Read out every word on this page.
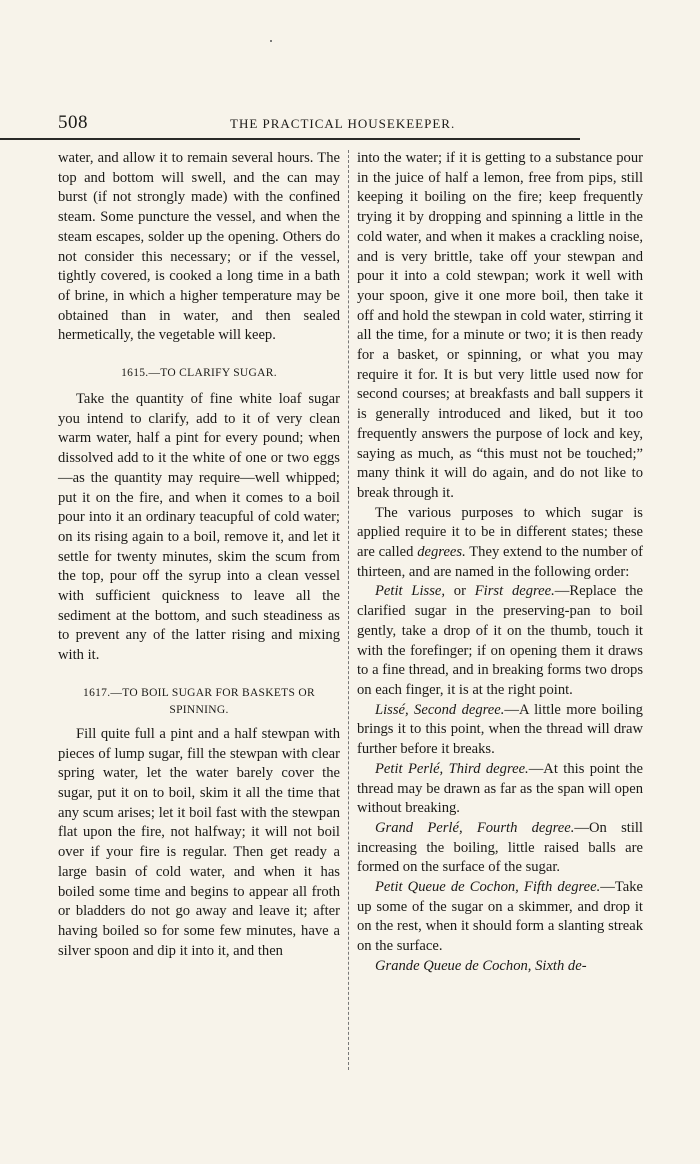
508	THE PRACTICAL HOUSEKEEPER.

water, and allow it to remain several hours. The top and bottom will swell, and the can may burst (if not strongly made) with the confined steam. Some puncture the vessel, and when the steam escapes, solder up the opening. Others do not consider this necessary; or if the vessel, tightly covered, is cooked a long time in a bath of brine, in which a higher temperature may be obtained than in water, and then sealed hermetically, the vegetable will keep.

1615.—TO CLARIFY SUGAR.

Take the quantity of fine white loaf sugar you intend to clarify, add to it of very clean warm water, half a pint for every pound; when dissolved add to it the white of one or two eggs—as the quantity may require—well whipped; put it on the fire, and when it comes to a boil pour into it an ordinary teacupful of cold water; on its rising again to a boil, remove it, and let it settle for twenty minutes, skim the scum from the top, pour off the syrup into a clean vessel with sufficient quickness to leave all the sediment at the bottom, and such steadiness as to prevent any of the latter rising and mixing with it.

1617.—TO BOIL SUGAR FOR BASKETS OR SPINNING.

Fill quite full a pint and a half stewpan with pieces of lump sugar, fill the stewpan with clear spring water, let the water barely cover the sugar, put it on to boil, skim it all the time that any scum arises; let it boil fast with the stewpan flat upon the fire, not halfway; it will not boil over if your fire is regular. Then get ready a large basin of cold water, and when it has boiled some time and begins to appear all froth or bladders do not go away and leave it; after having boiled so for some few minutes, have a silver spoon and dip it into it, and then

into the water; if it is getting to a substance pour in the juice of half a lemon, free from pips, still keeping it boiling on the fire; keep frequently trying it by dropping and spinning a little in the cold water, and when it makes a crackling noise, and is very brittle, take off your stewpan and pour it into a cold stewpan; work it well with your spoon, give it one more boil, then take it off and hold the stewpan in cold water, stirring it all the time, for a minute or two; it is then ready for a basket, or spinning, or what you may require it for. It is but very little used now for second courses; at breakfasts and ball suppers it is generally introduced and liked, but it too frequently answers the purpose of lock and key, saying as much, as “this must not be touched;” many think it will do again, and do not like to break through it.

The various purposes to which sugar is applied require it to be in different states; these are called degrees. They extend to the number of thirteen, and are named in the following order:

Petit Lisse, or First degree.—Replace the clarified sugar in the preserving-pan to boil gently, take a drop of it on the thumb, touch it with the forefinger; if on opening them it draws to a fine thread, and in breaking forms two drops on each finger, it is at the right point.

Lissé, Second degree.—A little more boiling brings it to this point, when the thread will draw further before it breaks.

Petit Perlé, Third degree.—At this point the thread may be drawn as far as the span will open without breaking.

Grand Perlé, Fourth degree.—On still increasing the boiling, little raised balls are formed on the surface of the sugar.

Petit Queue de Cochon, Fifth degree.—Take up some of the sugar on a skimmer, and drop it on the rest, when it should form a slanting streak on the surface.

Grande Queue de Cochon, Sixth de-
